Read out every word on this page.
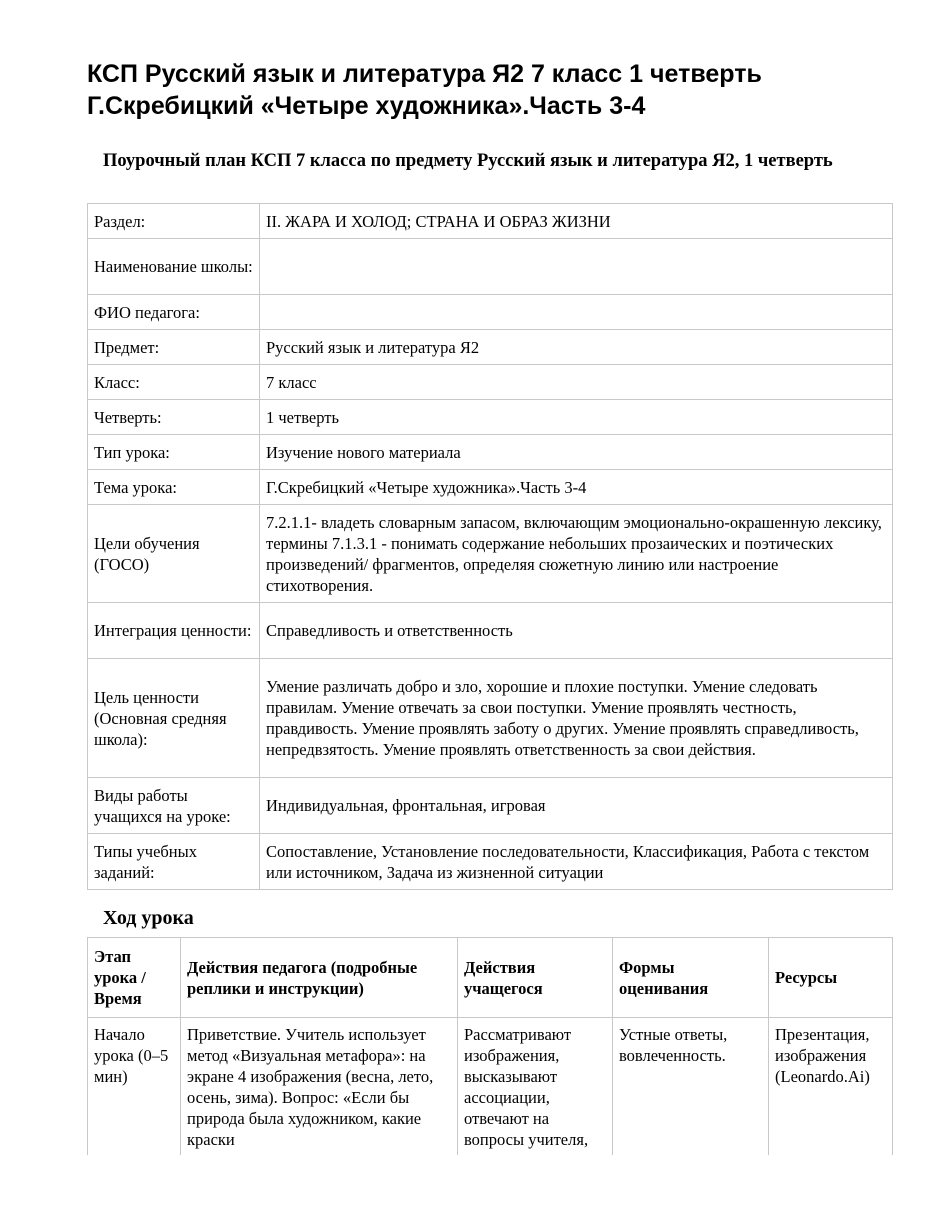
КСП Русский язык и литература Я2 7 класс 1 четверть Г.Скребицкий «Четыре художника».Часть 3-4
Поурочный план КСП 7 класса по предмету Русский язык и литература Я2, 1 четверть
Раздел:	II. ЖАРА И ХОЛОД; СТРАНА И ОБРАЗ ЖИЗНИ
Наименование школы:	
ФИО педагога:	
Предмет:	Русский язык и литература Я2
Класс:	7 класс
Четверть:	1 четверть
Тип урока:	Изучение нового материала
Тема урока:	Г.Скребицкий «Четыре художника».Часть 3-4
Цели обучения (ГОСО)	7.2.1.1- владеть словарным запасом, включающим эмоционально-окрашенную лексику, термины 7.1.3.1 - понимать содержание небольших прозаических и поэтических произведений/ фрагментов, определяя сюжетную линию или настроение стихотворения.
Интеграция ценности:	Справедливость и ответственность
Цель ценности (Основная средняя школа):	Умение различать добро и зло, хорошие и плохие поступки. Умение следовать правилам. Умение отвечать за свои поступки. Умение проявлять честность, правдивость. Умение проявлять заботу о других. Умение проявлять справедливость, непредвзятость. Умение проявлять ответственность за свои действия.
Виды работы учащихся на уроке:	Индивидуальная, фронтальная, игровая
Типы учебных заданий:	Сопоставление, Установление последовательности, Классификация, Работа с текстом или источником, Задача из жизненной ситуации
Ход урока
Этап урока / Время	Действия педагога (подробные реплики и инструкции)	Действия учащегося	Формы оценивания	Ресурсы
Начало урока (0–5 мин)	Приветствие. Учитель использует метод «Визуальная метафора»: на экране 4 изображения (весна, лето, осень, зима). Вопрос: «Если бы природа была художником, какие краски	Рассматривают изображения, высказывают ассоциации, отвечают на вопросы учителя,	Устные ответы, вовлеченность.	Презентация, изображения (Leonardo.Ai)
